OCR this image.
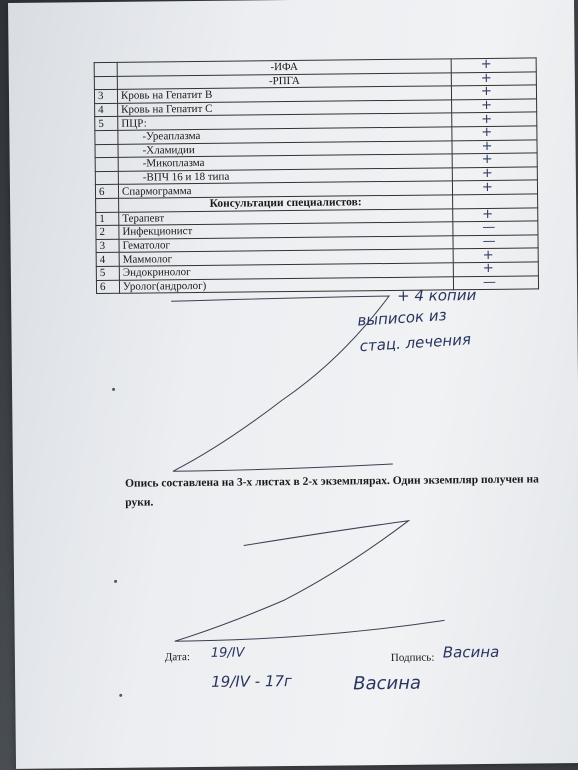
	-ИФА	+
	-РПГА	+
3	Кровь на Гепатит В	+
4	Кровь на Гепатит С	+
5	ПЦР:	+
	-Уреаплазма	+
	-Хламидии	+
	-Микоплазма	+
	-ВПЧ 16 и 18 типа	+
6	Спармограмма	+
	Консультации специалистов:	
1	Терапевт	+
2	Инфекционист	—
3	Гематолог	—
4	Маммолог	+
5	Эндокринолог	+
6	Уролог(андролог)	—
+ 4 копии
выписок из
стац. лечения
Опись составлена на 3-х листах в 2-х экземплярах. Один экземпляр получен на руки.
Дата: 19/IV
19/IV - 17г
Подпись: Васина
Васина
